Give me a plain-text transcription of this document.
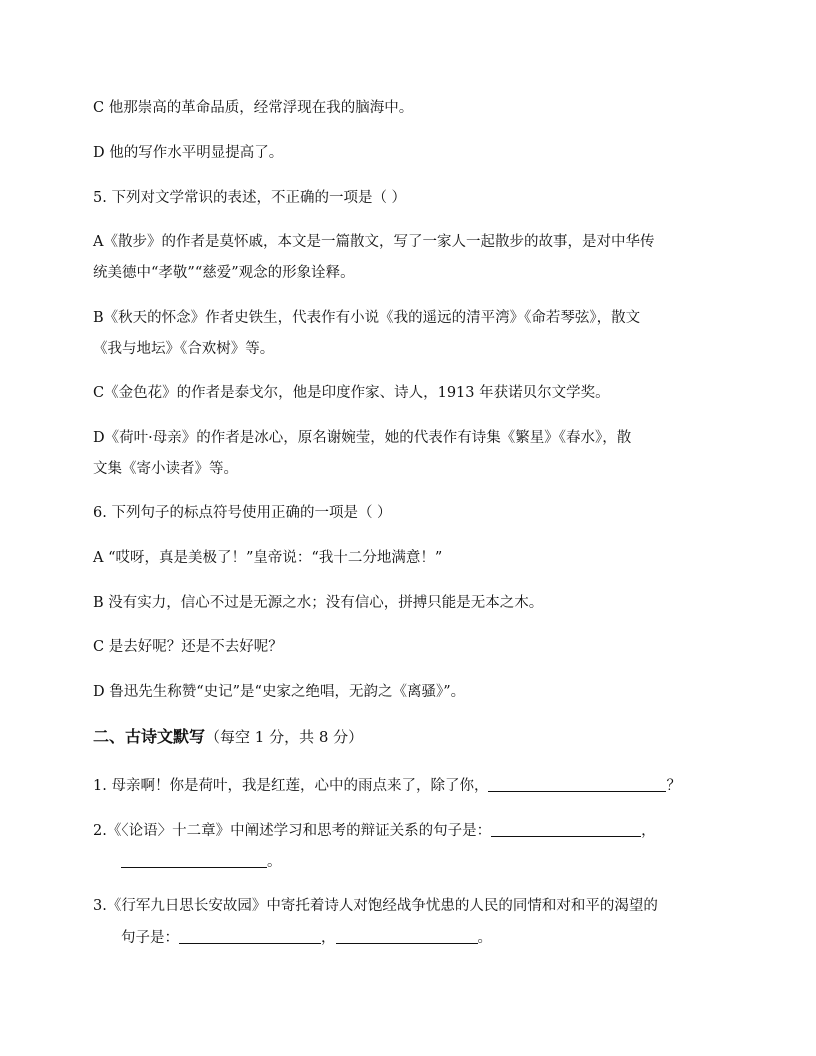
C 他那崇高的革命品质，经常浮现在我的脑海中。
D 他的写作水平明显提高了。
5. 下列对文学常识的表述，不正确的一项是（ ）
A《散步》的作者是莫怀戚，本文是一篇散文，写了一家人一起散步的故事，是对中华传
统美德中“孝敬”“慈爱”观念的形象诠释。
B《秋天的怀念》作者史铁生，代表作有小说《我的遥远的清平湾》《命若琴弦》，散文
《我与地坛》《合欢树》等。
C《金色花》的作者是泰戈尔，他是印度作家、诗人，1913 年获诺贝尔文学奖。
D《荷叶·母亲》的作者是冰心，原名谢婉莹，她的代表作有诗集《繁星》《春水》，散
文集《寄小读者》等。
6. 下列句子的标点符号使用正确的一项是（ ）
A “哎呀，真是美极了！”皇帝说：“我十二分地满意！”
B 没有实力，信心不过是无源之水；没有信心，拼搏只能是无本之木。
C 是去好呢？还是不去好呢？
D 鲁迅先生称赞“史记”是“史家之绝唱，无韵之《离骚》”。
二、古诗文默写（每空 1 分，共 8 分）
1. 母亲啊！你是荷叶，我是红莲，心中的雨点来了，除了你，	？
2.《〈论语〉十二章》中阐述学习和思考的辩证关系的句子是：	，
。
3.《行军九日思长安故园》中寄托着诗人对饱经战争忧患的人民的同情和对和平的渴望的
句子是：	，	。
